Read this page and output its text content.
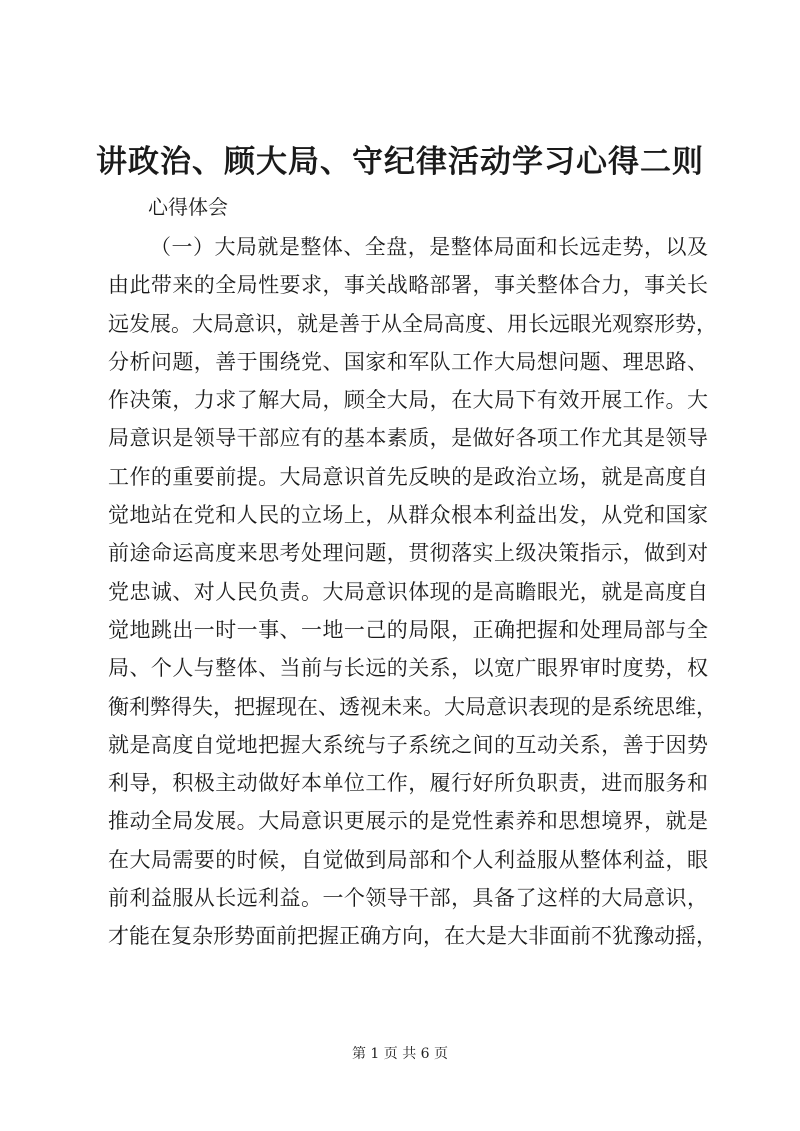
讲政治、顾大局、守纪律活动学习心得二则
心得体会
（一）大局就是整体、全盘，是整体局面和长远走势，以及
由此带来的全局性要求，事关战略部署，事关整体合力，事关长
远发展。大局意识，就是善于从全局高度、用长远眼光观察形势，
分析问题，善于围绕党、国家和军队工作大局想问题、理思路、
作决策，力求了解大局，顾全大局，在大局下有效开展工作。大
局意识是领导干部应有的基本素质，是做好各项工作尤其是领导
工作的重要前提。大局意识首先反映的是政治立场，就是高度自
觉地站在党和人民的立场上，从群众根本利益出发，从党和国家
前途命运高度来思考处理问题，贯彻落实上级决策指示，做到对
党忠诚、对人民负责。大局意识体现的是高瞻眼光，就是高度自
觉地跳出一时一事、一地一己的局限，正确把握和处理局部与全
局、个人与整体、当前与长远的关系，以宽广眼界审时度势，权
衡利弊得失，把握现在、透视未来。大局意识表现的是系统思维，
就是高度自觉地把握大系统与子系统之间的互动关系，善于因势
利导，积极主动做好本单位工作，履行好所负职责，进而服务和
推动全局发展。大局意识更展示的是党性素养和思想境界，就是
在大局需要的时候，自觉做到局部和个人利益服从整体利益，眼
前利益服从长远利益。一个领导干部，具备了这样的大局意识，
才能在复杂形势面前把握正确方向，在大是大非面前不犹豫动摇，
第 1 页 共 6 页
